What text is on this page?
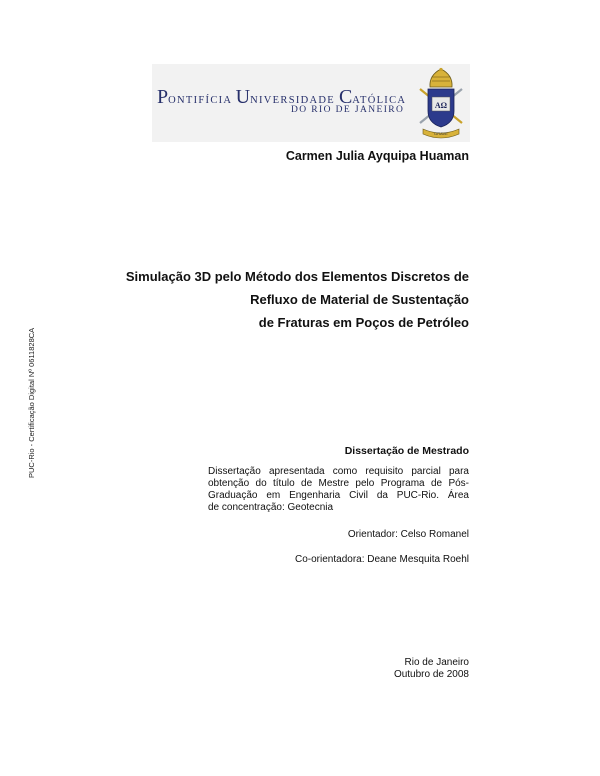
PONTIFÍCIA UNIVERSIDADE CATÓLICA
DO RIO DE JANEIRO	AΩ
GRAVE
Carmen Julia Ayquipa Huaman
Simulação 3D pelo Método dos Elementos Discretos de
Refluxo de Material de Sustentação
de Fraturas em Poços de Petróleo
PUC-Rio - Certificação Digital Nº 0611828CA	Dissertação de Mestrado
Dissertação apresentada como requisito parcial para
obtenção do título de Mestre pelo Programa de Pós-
Graduação em Engenharia Civil da PUC-Rio. Área
de concentração: Geotecnia
Orientador: Celso Romanel
Co-orientadora: Deane Mesquita Roehl
Rio de Janeiro
Outubro de 2008
